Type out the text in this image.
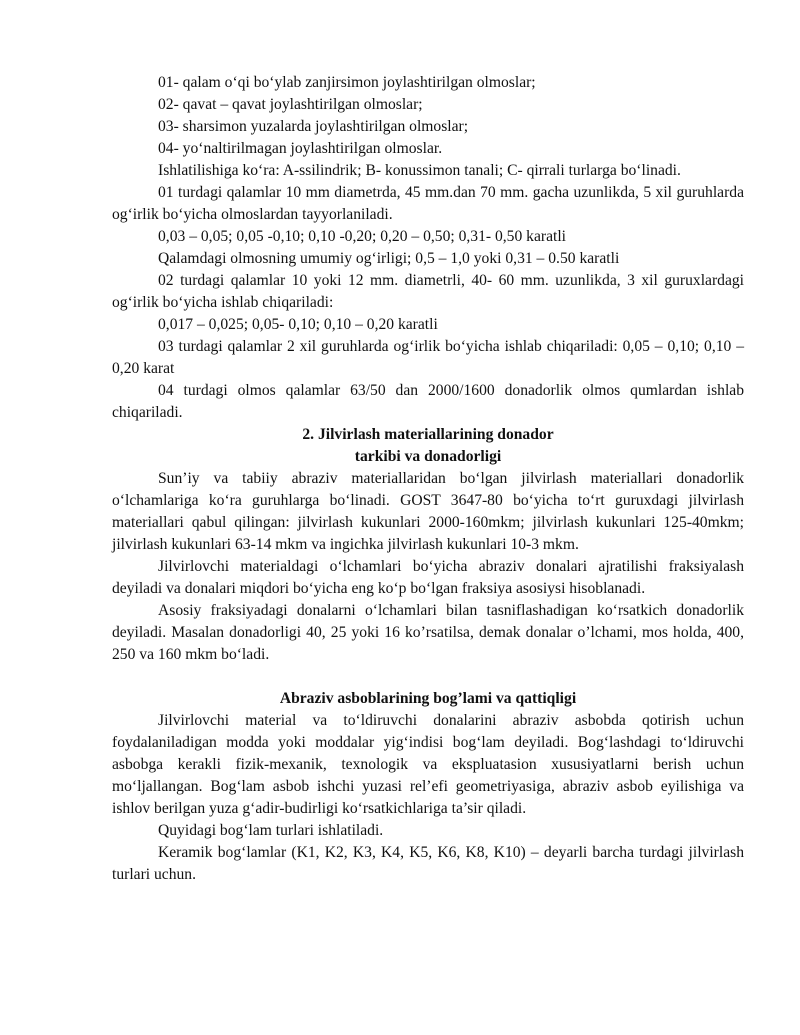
01- qalam o‘qi bo‘ylab zanjirsimon joylashtirilgan olmoslar;

02- qavat – qavat joylashtirilgan olmoslar;

03- sharsimon yuzalarda joylashtirilgan olmoslar;

04- yo‘naltirilmagan joylashtirilgan olmoslar.

Ishlatilishiga ko‘ra: A-ssilindrik; B- konussimon tanali; C- qirrali turlarga bo‘linadi.

01 turdagi qalamlar 10 mm diametrda, 45 mm.dan 70 mm. gacha uzunlikda, 5 xil guruhlarda og‘irlik bo‘yicha olmoslardan tayyorlaniladi.

0,03 – 0,05; 0,05 -0,10; 0,10 -0,20; 0,20 – 0,50; 0,31- 0,50 karatli

Qalamdagi olmosning umumiy og‘irligi; 0,5 – 1,0 yoki 0,31 – 0.50 karatli

02 turdagi qalamlar 10 yoki 12 mm. diametrli, 40- 60 mm. uzunlikda, 3 xil guruxlardagi og‘irlik bo‘yicha ishlab chiqariladi:

0,017 – 0,025; 0,05- 0,10; 0,10 – 0,20 karatli

03 turdagi qalamlar 2 xil guruhlarda og‘irlik bo‘yicha ishlab chiqariladi: 0,05 – 0,10; 0,10 – 0,20 karat

04 turdagi olmos qalamlar 63/50 dan 2000/1600 donadorlik olmos qumlardan ishlab chiqariladi.

2. Jilvirlash materiallarining donador

tarkibi va donadorligi

Sun’iy va tabiiy abraziv materiallaridan bo‘lgan jilvirlash materiallari donadorlik o‘lchamlariga ko‘ra guruhlarga bo‘linadi. GOST 3647-80 bo‘yicha to‘rt guruxdagi jilvirlash materiallari qabul qilingan: jilvirlash kukunlari 2000-160mkm; jilvirlash kukunlari 125-40mkm; jilvirlash kukunlari 63-14 mkm va ingichka jilvirlash kukunlari 10-3 mkm.

Jilvirlovchi materialdagi o‘lchamlari bo‘yicha abraziv donalari ajratilishi fraksiyalash deyiladi va donalari miqdori bo‘yicha eng ko‘p bo‘lgan fraksiya asosiysi hisoblanadi.

Asosiy fraksiyadagi donalarni o‘lchamlari bilan tasniflashadigan ko‘rsatkich donadorlik deyiladi. Masalan donadorligi 40, 25 yoki 16 ko’rsatilsa, demak donalar o’lchami, mos holda, 400, 250 va 160 mkm bo‘ladi.

Abraziv asboblarining bog’lami va qattiqligi

Jilvirlovchi material va to‘ldiruvchi donalarini abraziv asbobda qotirish uchun foydalaniladigan modda yoki moddalar yig‘indisi bog‘lam deyiladi. Bog‘lashdagi to‘ldiruvchi asbobga kerakli fizik-mexanik, texnologik va ekspluatasion xususiyatlarni berish uchun mo‘ljallangan. Bog‘lam asbob ishchi yuzasi rel’efi geometriyasiga, abraziv asbob eyilishiga va ishlov berilgan yuza g‘adir-budirligi ko‘rsatkichlariga ta’sir qiladi.

Quyidagi bog‘lam turlari ishlatiladi.

Keramik bog‘lamlar (K1, K2, K3, K4, K5, K6, K8, K10) – deyarli barcha turdagi jilvirlash turlari uchun.
